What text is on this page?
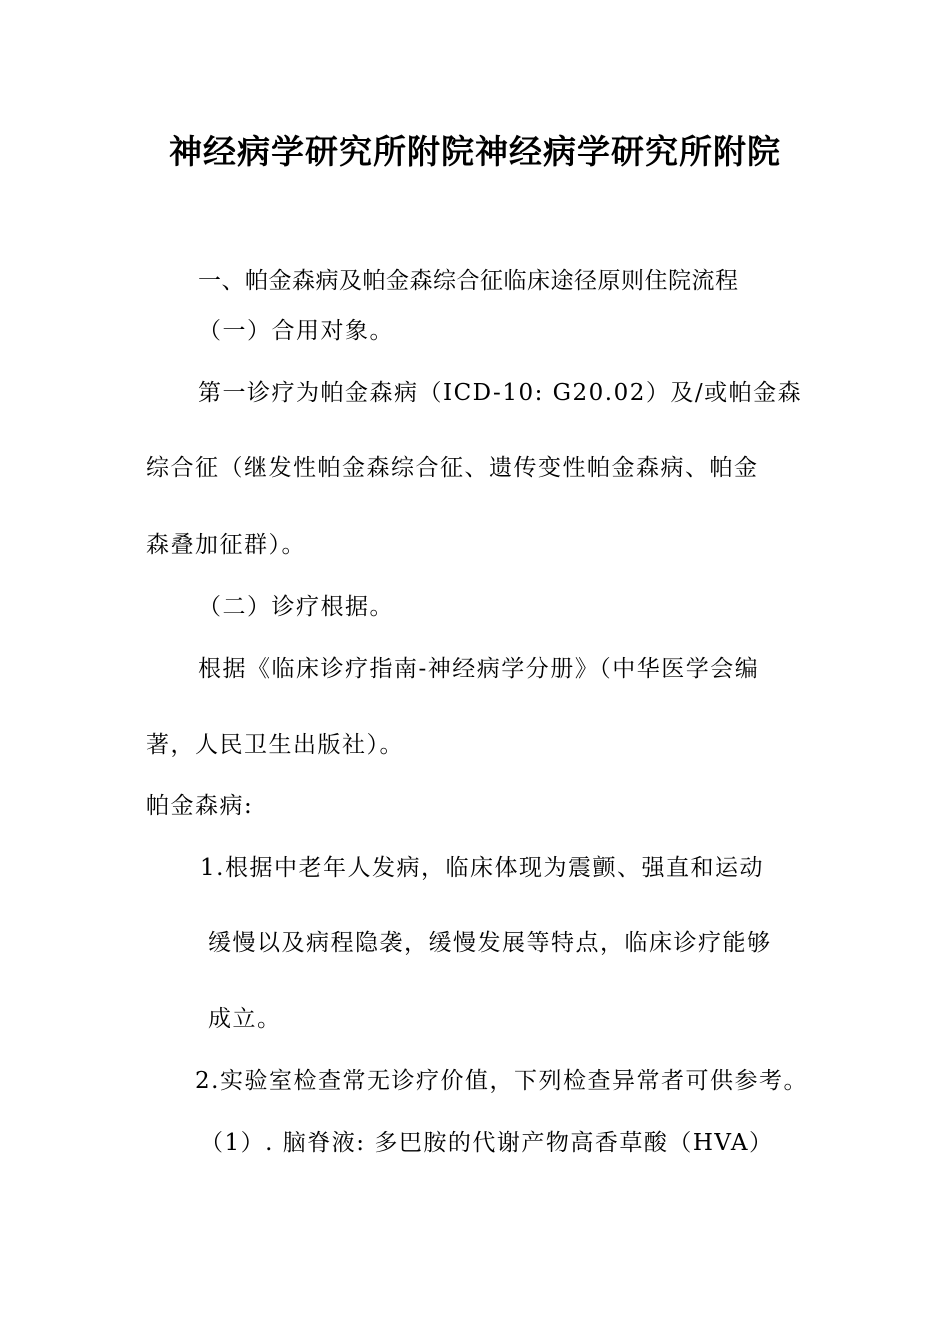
神经病学研究所附院神经病学研究所附院
一、帕金森病及帕金森综合征临床途径原则住院流程
（一）合用对象。
第一诊疗为帕金森病（ICD-10: G20.02）及/或帕金森
综合征（继发性帕金森综合征、遗传变性帕金森病、帕金
森叠加征群）。
（二）诊疗根据。
根据《临床诊疗指南-神经病学分册》（中华医学会编
著，人民卫生出版社）。
帕金森病:
1.根据中老年人发病，临床体现为震颤、强直和运动
缓慢以及病程隐袭，缓慢发展等特点，临床诊疗能够
成立。
2.实验室检查常无诊疗价值，下列检查异常者可供参考。
（1）. 脑脊液: 多巴胺的代谢产物高香草酸（HVA）
